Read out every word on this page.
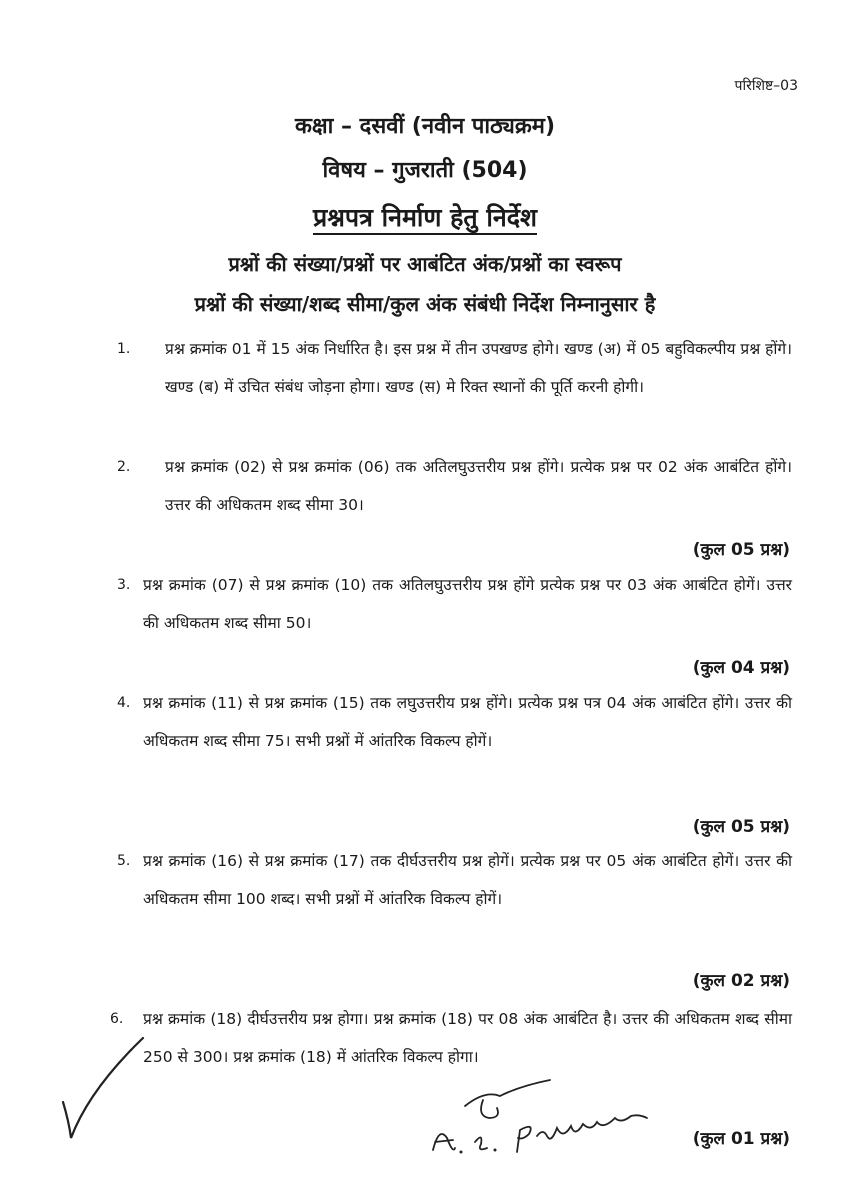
परिशिष्ट–03
कक्षा – दसवीं (नवीन पाठ्यक्रम)
विषय – गुजराती (504)
प्रश्नपत्र निर्माण हेतु निर्देश
प्रश्नों की संख्या/प्रश्नों पर आबंटित अंक/प्रश्नों का स्वरूप
प्रश्नों की संख्या/शब्द सीमा/कुल अंक संबंधी निर्देश निम्नानुसार है
1. प्रश्न क्रमांक 01 में 15 अंक निर्धारित है। इस प्रश्न में तीन उपखण्ड होगे। खण्ड (अ) में 05 बहुविकल्पीय प्रश्न होंगे। खण्ड (ब) में उचित संबंध जोड़ना होगा। खण्ड (स) मे रिक्त स्थानों की पूर्ति करनी होगी।
2. प्रश्न क्रमांक (02) से प्रश्न क्रमांक (06) तक अतिलघुउत्तरीय प्रश्न होंगे। प्रत्येक प्रश्न पर 02 अंक आबंटित होंगे। उत्तर की अधिकतम शब्द सीमा 30।
(कुल 05 प्रश्न)
3. प्रश्न क्रमांक (07) से प्रश्न क्रमांक (10) तक अतिलघुउत्तरीय प्रश्न होंगे प्रत्येक प्रश्न पर 03 अंक आबंटित होगें। उत्तर की अधिकतम शब्द सीमा 50।
(कुल 04 प्रश्न)
4. प्रश्न क्रमांक (11) से प्रश्न क्रमांक (15) तक लघुउत्तरीय प्रश्न होंगे। प्रत्येक प्रश्न पत्र 04 अंक आबंटित होंगे। उत्तर की अधिकतम शब्द सीमा 75। सभी प्रश्नों में आंतरिक विकल्प होगें।
(कुल 05 प्रश्न)
5. प्रश्न क्रमांक (16) से प्रश्न क्रमांक (17) तक दीर्घउत्तरीय प्रश्न होगें। प्रत्येक प्रश्न पर 05 अंक आबंटित होगें। उत्तर की अधिकतम सीमा 100 शब्द। सभी प्रश्नों में आंतरिक विकल्प होगें।
(कुल 02 प्रश्न)
6. प्रश्न क्रमांक (18) दीर्घउत्तरीय प्रश्न होगा। प्रश्न क्रमांक (18) पर 08 अंक आबंटित है। उत्तर की अधिकतम शब्द सीमा 250 से 300। प्रश्न क्रमांक (18) में आंतरिक विकल्प होगा।
(कुल 01 प्रश्न)
